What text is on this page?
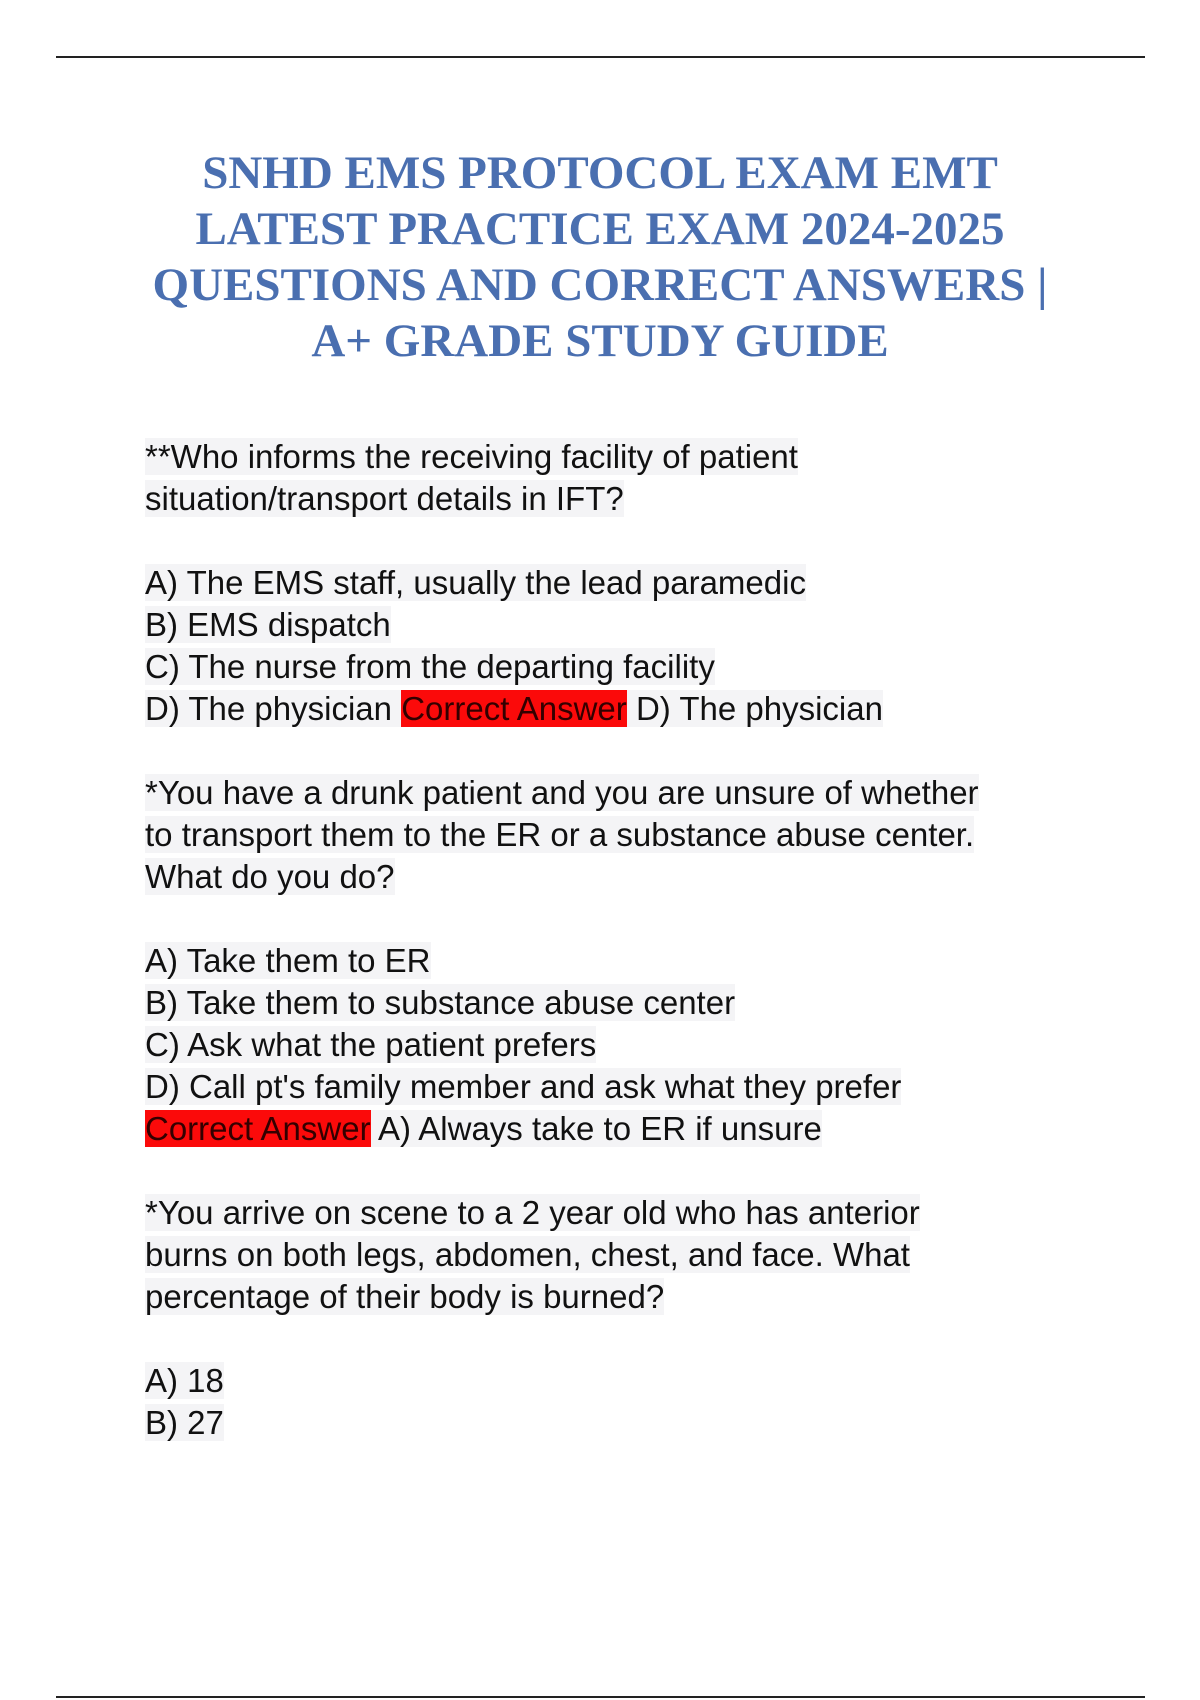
SNHD EMS PROTOCOL EXAM EMT
LATEST PRACTICE EXAM 2024-2025
QUESTIONS AND CORRECT ANSWERS |
A+ GRADE STUDY GUIDE

**Who informs the receiving facility of patient
situation/transport details in IFT?

A) The EMS staff, usually the lead paramedic
B) EMS dispatch
C) The nurse from the departing facility
D) The physician Correct Answer D) The physician

*You have a drunk patient and you are unsure of whether
to transport them to the ER or a substance abuse center.
What do you do?

A) Take them to ER
B) Take them to substance abuse center
C) Ask what the patient prefers
D) Call pt's family member and ask what they prefer
Correct Answer A) Always take to ER if unsure

*You arrive on scene to a 2 year old who has anterior
burns on both legs, abdomen, chest, and face. What
percentage of their body is burned?

A) 18
B) 27
